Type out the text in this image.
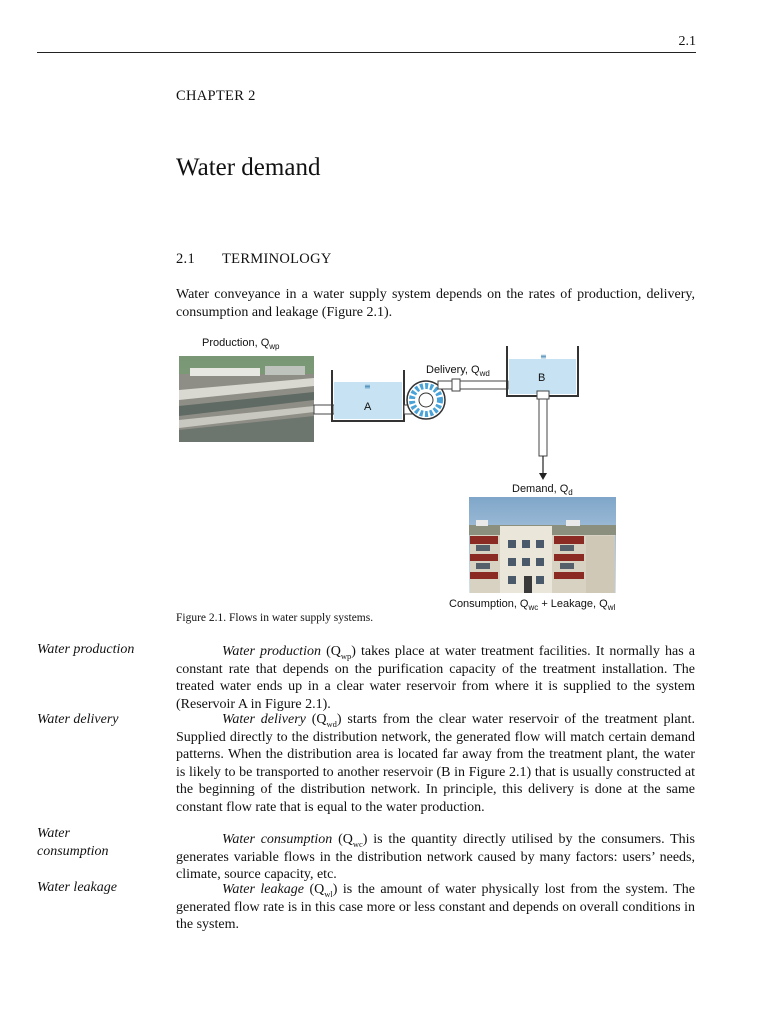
2.1
CHAPTER 2
Water demand
2.1 TERMINOLOGY

Water conveyance in a water supply system depends on the rates of production, delivery, consumption and leakage (Figure 2.1).

Production, $Q_{wp}$
≡
A
Delivery, $Q_{wd}$
≡
B
Demand, $Q_d$
Consumption, $Q_{wc}$ + Leakage, $Q_{wl}$
Figure 2.1. Flows in water supply systems.
Water production
Water delivery
Water consumption
Water leakage

Water production $(Q_{wp})$ takes place at water treatment facilities. It normally has a constant rate that depends on the purification capacity of the treatment installation. The treated water ends up in a clear water reservoir from where it is supplied to the system (Reservoir A in Figure 2.1).

Water delivery $(Q_{wd})$ starts from the clear water reservoir of the treatment plant. Supplied directly to the distribution network, the generated flow will match certain demand patterns. When the distribution area is located far away from the treatment plant, the water is likely to be transported to another reservoir (B in Figure 2.1) that is usually constructed at the beginning of the distribution network. In principle, this delivery is done at the same constant flow rate that is equal to the water production.

Water consumption $(Q_{wc})$ is the quantity directly utilised by the consumers. This generates variable flows in the distribution network caused by many factors: users’ needs, climate, source capacity, etc.

Water leakage $(Q_{wl})$ is the amount of water physically lost from the system. The generated flow rate is in this case more or less constant and depends on overall conditions in the system.
